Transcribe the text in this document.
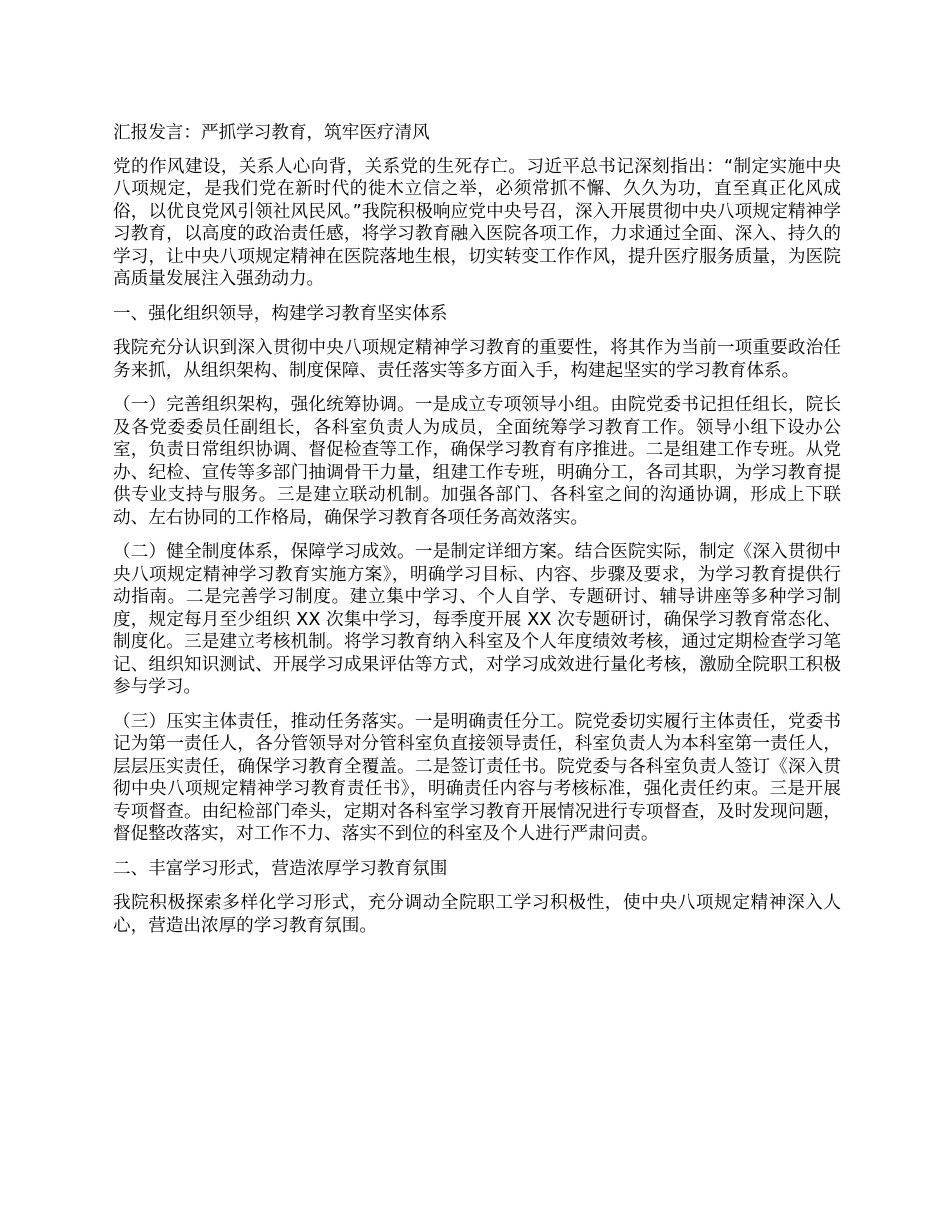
汇报发言：严抓学习教育，筑牢医疗清风

党的作风建设，关系人心向背，关系党的生死存亡。习近平总书记深刻指出：“制定实施中央八项规定，是我们党在新时代的徙木立信之举，必须常抓不懈、久久为功，直至真正化风成俗，以优良党风引领社风民风。”我院积极响应党中央号召，深入开展贯彻中央八项规定精神学习教育，以高度的政治责任感，将学习教育融入医院各项工作，力求通过全面、深入、持久的学习，让中央八项规定精神在医院落地生根，切实转变工作作风，提升医疗服务质量，为医院高质量发展注入强劲动力。

一、强化组织领导，构建学习教育坚实体系

我院充分认识到深入贯彻中央八项规定精神学习教育的重要性，将其作为当前一项重要政治任务来抓，从组织架构、制度保障、责任落实等多方面入手，构建起坚实的学习教育体系。

（一）完善组织架构，强化统筹协调。一是成立专项领导小组。由院党委书记担任组长，院长及各党委委员任副组长，各科室负责人为成员，全面统筹学习教育工作。领导小组下设办公室，负责日常组织协调、督促检查等工作，确保学习教育有序推进。二是组建工作专班。从党办、纪检、宣传等多部门抽调骨干力量，组建工作专班，明确分工，各司其职，为学习教育提供专业支持与服务。三是建立联动机制。加强各部门、各科室之间的沟通协调，形成上下联动、左右协同的工作格局，确保学习教育各项任务高效落实。

（二）健全制度体系，保障学习成效。一是制定详细方案。结合医院实际，制定《深入贯彻中央八项规定精神学习教育实施方案》，明确学习目标、内容、步骤及要求，为学习教育提供行动指南。二是完善学习制度。建立集中学习、个人自学、专题研讨、辅导讲座等多种学习制度，规定每月至少组织 XX 次集中学习，每季度开展 XX 次专题研讨，确保学习教育常态化、制度化。三是建立考核机制。将学习教育纳入科室及个人年度绩效考核，通过定期检查学习笔记、组织知识测试、开展学习成果评估等方式，对学习成效进行量化考核，激励全院职工积极参与学习。

（三）压实主体责任，推动任务落实。一是明确责任分工。院党委切实履行主体责任，党委书记为第一责任人，各分管领导对分管科室负直接领导责任，科室负责人为本科室第一责任人，层层压实责任，确保学习教育全覆盖。二是签订责任书。院党委与各科室负责人签订《深入贯彻中央八项规定精神学习教育责任书》，明确责任内容与考核标准，强化责任约束。三是开展专项督查。由纪检部门牵头，定期对各科室学习教育开展情况进行专项督查，及时发现问题，督促整改落实，对工作不力、落实不到位的科室及个人进行严肃问责。

二、丰富学习形式，营造浓厚学习教育氛围

我院积极探索多样化学习形式，充分调动全院职工学习积极性，使中央八项规定精神深入人心，营造出浓厚的学习教育氛围。
